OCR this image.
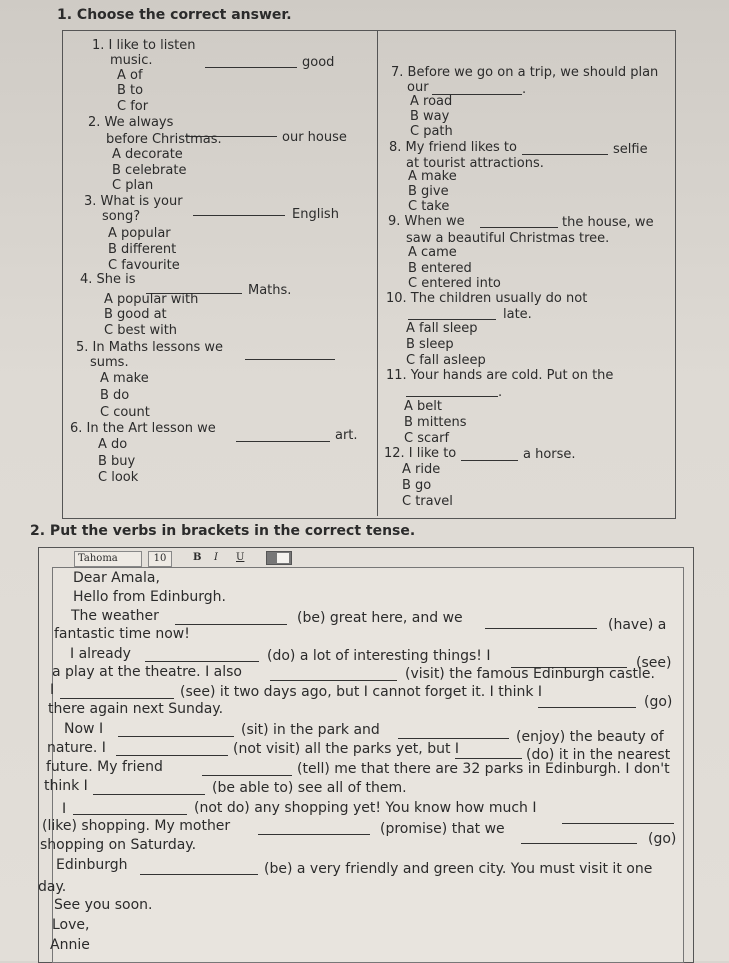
1. Choose the correct answer.
1. I like to listen
music.	good
A of
B to
C for
2. We always
our house
before Christmas.
A decorate
B celebrate
C plan
3. What is your
English
song?
A popular
B different
C favourite
4. She is
Maths.
A popular with
B good at
C best with
5. In Maths lessons we
sums.
A make
B do
C count
6. In the Art lesson we	art.
A do
B buy
C look
7. Before we go on a trip, we should plan
our	.
A road
B way
C path
8. My friend likes to	selfie
at tourist attractions.
A make
B give
C take
9. When we	the house, we
saw a beautiful Christmas tree.
A came
B entered
C entered into
10. The children usually do not
late.
A fall sleep
B sleep
C fall asleep
11. Your hands are cold. Put on the
.
A belt
B mittens
C scarf
12. I like to	a horse.
A ride
B go
C travel
2. Put the verbs in brackets in the correct tense.
Tahoma	10	B I U
Dear Amala,
Hello from Edinburgh.
The weather	(be) great here, and we	(have) a
fantastic time now!
I already	(do) a lot of interesting things! I	(see)
a play at the theatre. I also	(visit) the famous Edinburgh castle.
I	(see) it two days ago, but I cannot forget it. I think I
(go)
there again next Sunday.
Now I	(sit) in the park and	(enjoy) the beauty of
nature. I	(not visit) all the parks yet, but I	(do) it in the nearest
future. My friend	(tell) me that there are 32 parks in Edinburgh. I don't
think I	(be able to) see all of them.
I	(not do) any shopping yet! You know how much I
(like) shopping. My mother	(promise) that we
(go)
shopping on Saturday.
Edinburgh	(be) a very friendly and green city. You must visit it one
day.
See you soon.
Love,
Annie
